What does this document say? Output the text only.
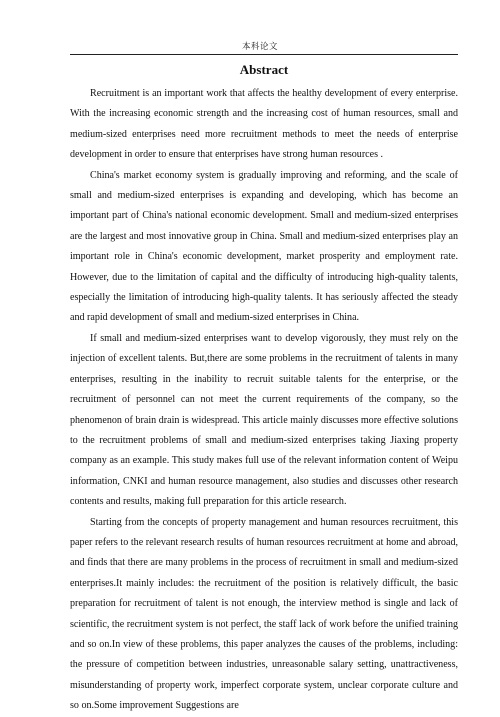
本科论文
Abstract

Recruitment is an important work that affects the healthy development of every enterprise. With the increasing economic strength and the increasing cost of human resources, small and medium-sized enterprises need more recruitment methods to meet the needs of enterprise development in order to ensure that enterprises have strong human resources .

China's market economy system is gradually improving and reforming, and the scale of small and medium-sized enterprises is expanding and developing, which has become an important part of China's national economic development. Small and medium-sized enterprises are the largest and most innovative group in China. Small and medium-sized enterprises play an important role in China's economic development, market prosperity and employment rate. However, due to the limitation of capital and the difficulty of introducing high-quality talents, especially the limitation of introducing high-quality talents. It has seriously affected the steady and rapid development of small and medium-sized enterprises in China.

If small and medium-sized enterprises want to develop vigorously, they must rely on the injection of excellent talents. But,there are some problems in the recruitment of talents in many enterprises, resulting in the inability to recruit suitable talents for the enterprise, or the recruitment of personnel can not meet the current requirements of the company, so the phenomenon of brain drain is widespread. This article mainly discusses more effective solutions to the recruitment problems of small and medium-sized enterprises taking Jiaxing property company as an example. This study makes full use of the relevant information content of Weipu information, CNKI and human resource management, also studies and discusses other research contents and results, making full preparation for this article research.

Starting from the concepts of property management and human resources recruitment, this paper refers to the relevant research results of human resources recruitment at home and abroad, and finds that there are many problems in the process of recruitment in small and medium-sized enterprises.It mainly includes: the recruitment of the position is relatively difficult, the basic preparation for recruitment of talent is not enough, the interview method is single and lack of scientific, the recruitment system is not perfect, the staff lack of work before the unified training and so on.In view of these problems, this paper analyzes the causes of the problems, including: the pressure of competition between industries, unreasonable salary setting, unattractiveness, misunderstanding of property work, imperfect corporate system, unclear corporate culture and so on.Some improvement Suggestions are
